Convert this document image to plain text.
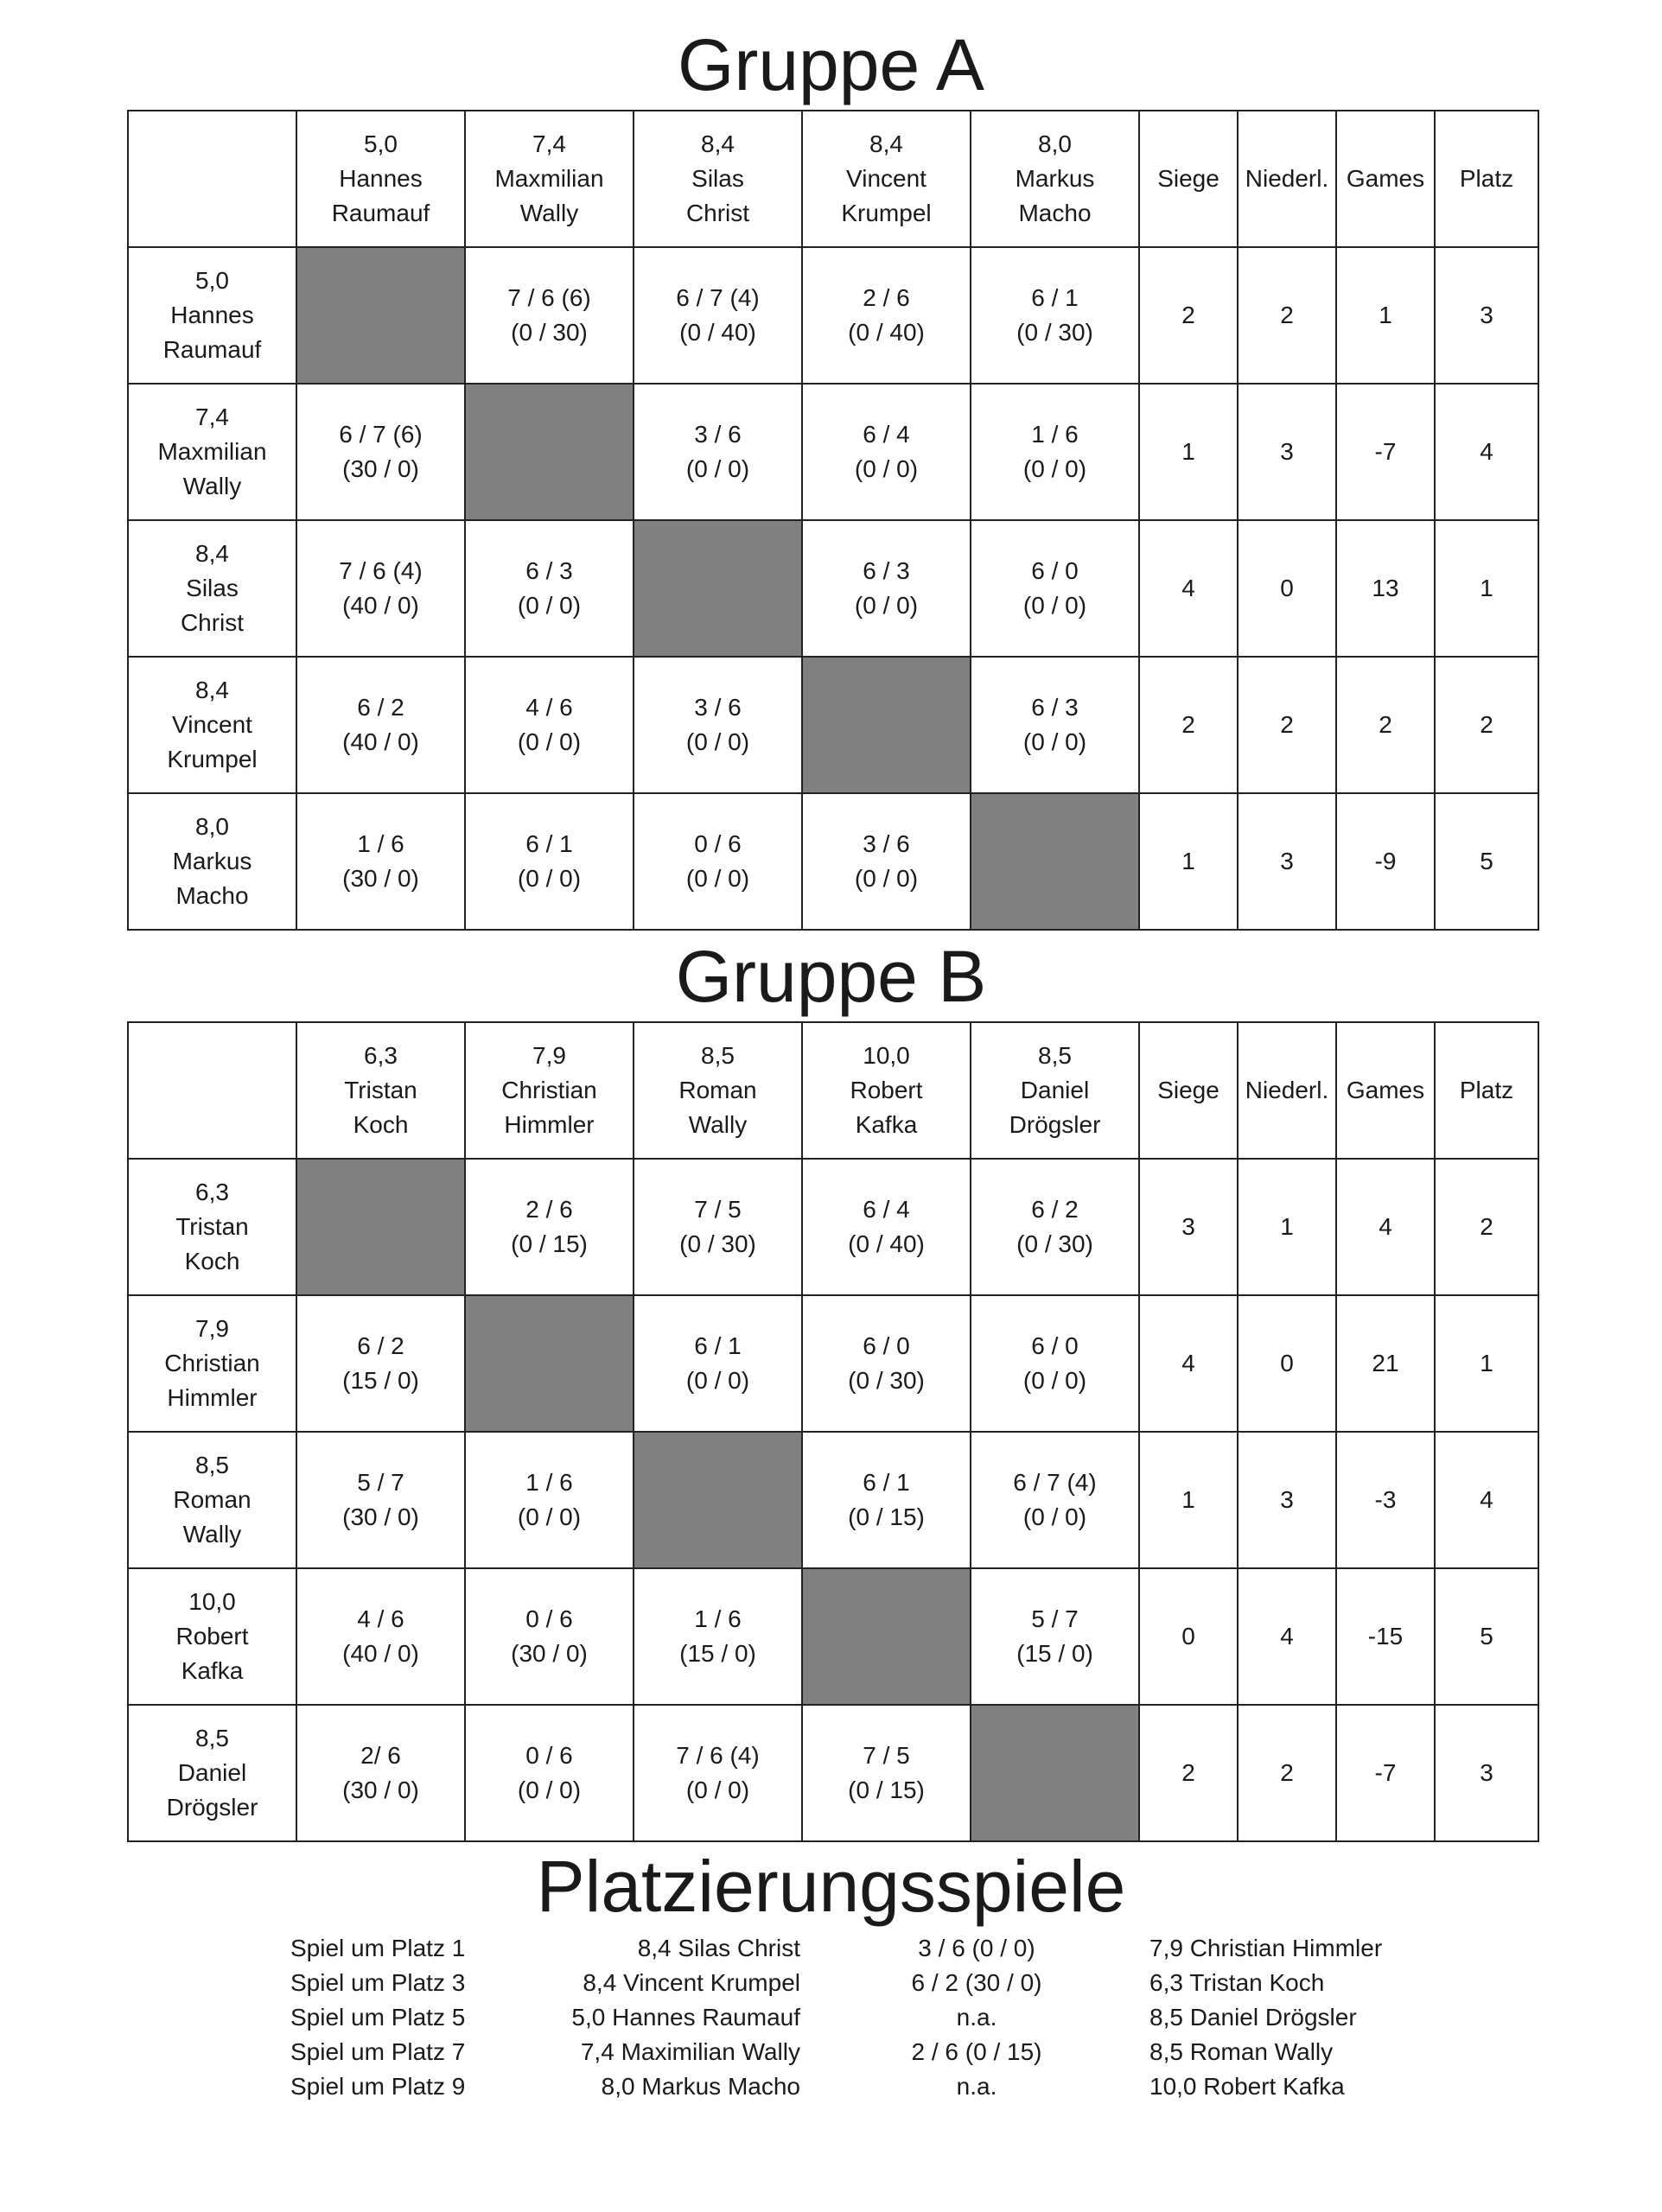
Gruppe A

	5,0
Hannes
Raumauf	7,4
Maxmilian
Wally	8,4
Silas
Christ	8,4
Vincent
Krumpel	8,0
Markus
Macho	Siege	Niederl.	Games	Platz

5,0
Hannes
Raumauf		7 / 6 (6)
(0 / 30)	6 / 7 (4)
(0 / 40)	2 / 6
(0 / 40)	6 / 1
(0 / 30)	2	2	1	3

7,4
Maxmilian
Wally	6 / 7 (6)
(30 / 0)		3 / 6
(0 / 0)	6 / 4
(0 / 0)	1 / 6
(0 / 0)	1	3	-7	4

8,4
Silas
Christ	7 / 6 (4)
(40 / 0)	6 / 3
(0 / 0)		6 / 3
(0 / 0)	6 / 0
(0 / 0)	4	0	13	1

8,4
Vincent
Krumpel	6 / 2
(40 / 0)	4 / 6
(0 / 0)	3 / 6
(0 / 0)		6 / 3
(0 / 0)	2	2	2	2

8,0
Markus
Macho	1 / 6
(30 / 0)	6 / 1
(0 / 0)	0 / 6
(0 / 0)	3 / 6
(0 / 0)		1	3	-9	5
Gruppe B

	6,3
Tristan
Koch	7,9
Christian
Himmler	8,5
Roman
Wally	10,0
Robert
Kafka	8,5
Daniel
Drögsler	Siege	Niederl.	Games	Platz

6,3
Tristan
Koch		2 / 6
(0 / 15)	7 / 5
(0 / 30)	6 / 4
(0 / 40)	6 / 2
(0 / 30)	3	1	4	2

7,9
Christian
Himmler	6 / 2
(15 / 0)		6 / 1
(0 / 0)	6 / 0
(0 / 30)	6 / 0
(0 / 0)	4	0	21	1

8,5
Roman
Wally	5 / 7
(30 / 0)	1 / 6
(0 / 0)		6 / 1
(0 / 15)	6 / 7 (4)
(0 / 0)	1	3	-3	4

10,0
Robert
Kafka	4 / 6
(40 / 0)	0 / 6
(30 / 0)	1 / 6
(15 / 0)		5 / 7
(15 / 0)	0	4	-15	5

8,5
Daniel
Drögsler	2/ 6
(30 / 0)	0 / 6
(0 / 0)	7 / 6 (4)
(0 / 0)	7 / 5
(0 / 15)		2	2	-7	3
Platzierungsspiele
Spiel um Platz 1	8,4 Silas Christ	3 / 6 (0 / 0)	7,9 Christian Himmler
Spiel um Platz 3	8,4 Vincent Krumpel	6 / 2 (30 / 0)	6,3 Tristan Koch
Spiel um Platz 5	5,0 Hannes Raumauf	n.a.	8,5 Daniel Drögsler
Spiel um Platz 7	7,4 Maximilian Wally	2 / 6 (0 / 15)	8,5 Roman Wally
Spiel um Platz 9	8,0 Markus Macho	n.a.	10,0 Robert Kafka
